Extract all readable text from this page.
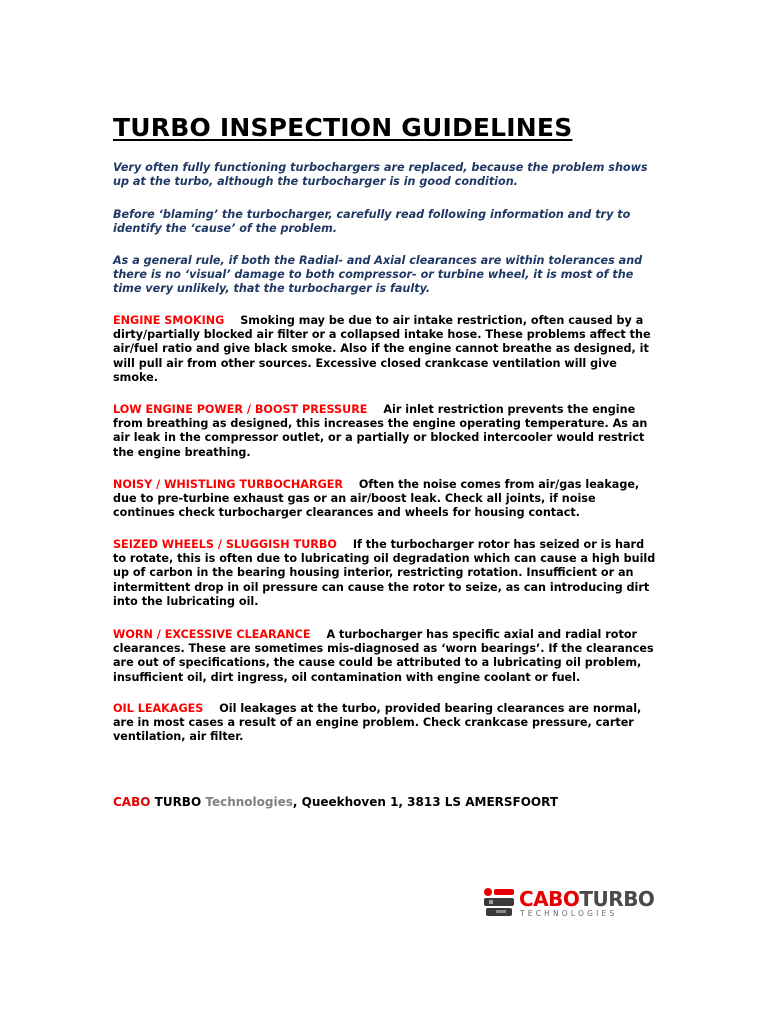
TURBO INSPECTION GUIDELINES

Very often fully functioning turbochargers are replaced, because the problem shows up at the turbo, although the turbocharger is in good condition.

Before ‘blaming’ the turbocharger, carefully read following information and try to identify the ‘cause’ of the problem.

As a general rule, if both the Radial- and Axial clearances are within tolerances and there is no ‘visual’ damage to both compressor- or turbine wheel, it is most of the time very unlikely, that the turbocharger is faulty.

ENGINE SMOKING Smoking may be due to air intake restriction, often caused by a dirty/partially blocked air filter or a collapsed intake hose. These problems affect the air/fuel ratio and give black smoke. Also if the engine cannot breathe as designed, it will pull air from other sources. Excessive closed crankcase ventilation will give smoke.

LOW ENGINE POWER / BOOST PRESSURE Air inlet restriction prevents the engine from breathing as designed, this increases the engine operating temperature. As an air leak in the compressor outlet, or a partially or blocked intercooler would restrict the engine breathing.

NOISY / WHISTLING TURBOCHARGER Often the noise comes from air/gas leakage, due to pre-turbine exhaust gas or an air/boost leak. Check all joints, if noise continues check turbocharger clearances and wheels for housing contact.

SEIZED WHEELS / SLUGGISH TURBO If the turbocharger rotor has seized or is hard to rotate, this is often due to lubricating oil degradation which can cause a high build up of carbon in the bearing housing interior, restricting rotation. Insufficient or an intermittent drop in oil pressure can cause the rotor to seize, as can introducing dirt into the lubricating oil.

WORN / EXCESSIVE CLEARANCE A turbocharger has specific axial and radial rotor clearances. These are sometimes mis-diagnosed as ‘worn bearings’. If the clearances are out of specifications, the cause could be attributed to a lubricating oil problem, insufficient oil, dirt ingress, oil contamination with engine coolant or fuel.

OIL LEAKAGES Oil leakages at the turbo, provided bearing clearances are normal, are in most cases a result of an engine problem. Check crankcase pressure, carter ventilation, air filter.

CABO TURBO Technologies, Queekhoven 1, 3813 LS AMERSFOORT
CABOTURBO
TECHNOLOGIES
